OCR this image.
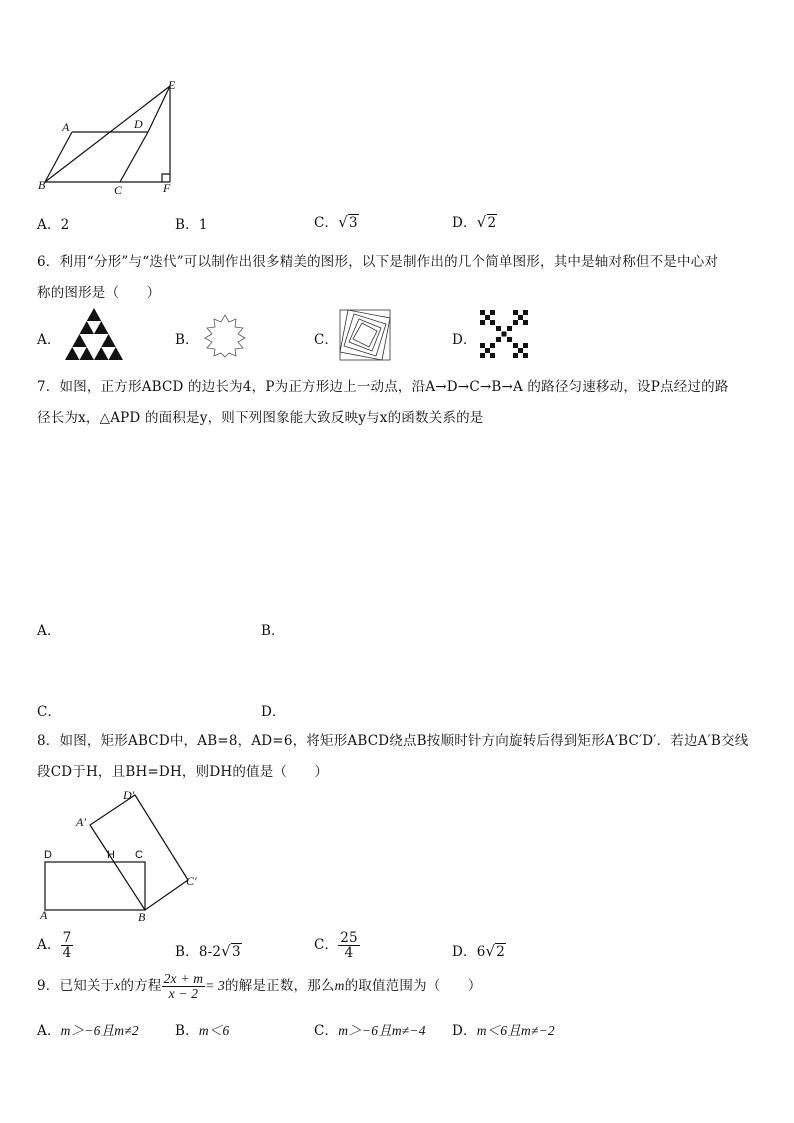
B
A	D
E
C	F
A．2	B．1	C．√3	D．√2
6．利用“分形”与“迭代”可以制作出很多精美的图形，以下是制作出的几个简单图形，其中是轴对称但不是中心对
称的图形是（　　）
A．	B．	C．	D．
7．如图，正方形ABCD 的边长为4，P为正方形边上一动点，沿A→D→C→B→A 的路径匀速移动，设P点经过的路
径长为x，△APD 的面积是y，则下列图象能大致反映y与x的函数关系的是
A．	B．
C．	D．
8．如图，矩形ABCD中，AB=8，AD=6，将矩形ABCD绕点B按顺时针方向旋转后得到矩形A′BC′D′．若边A′B交线
段CD于H，且BH=DH，则DH的值是（　　）
D	H C
A	B
A′
D′
C′
A． $\frac{7}{4}$	B．8-2√3	C． $\frac{25}{4}$	D．6√2
9．已知关于x的方程 $\frac{2x + m}{x - 2} = 3$的解是正数，那么m的取值范围为（　　）
A．m＞−6且m≠2	B．m＜6	C．m＞−6且m≠−4 D．m＜6且m≠−2
